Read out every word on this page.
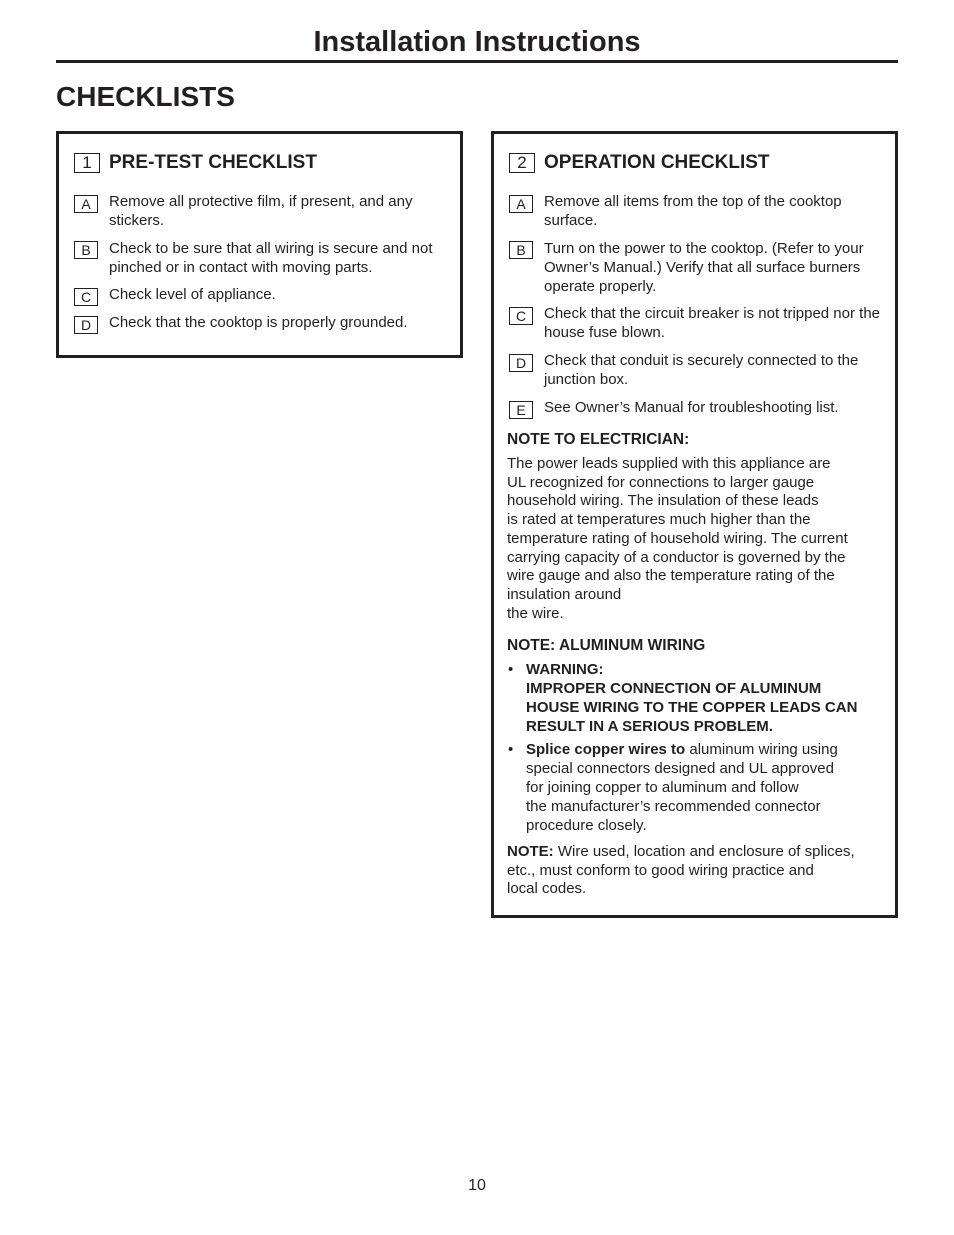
Installation Instructions
CHECKLISTS
1 PRE-TEST CHECKLIST
A	Remove all protective film, if present, and any stickers.
B	Check to be sure that all wiring is secure and not pinched or in contact with moving parts.
C	Check level of appliance.
D	Check that the cooktop is properly grounded.
2 OPERATION CHECKLIST
A	Remove all items from the top of the cooktop surface.
B	Turn on the power to the cooktop. (Refer to your Owner’s Manual.) Verify that all surface burners operate properly.
C	Check that the circuit breaker is not tripped nor the house fuse blown.
D	Check that conduit is securely connected to the junction box.
E	See Owner’s Manual for troubleshooting list.
NOTE TO ELECTRICIAN:
The power leads supplied with this appliance are
UL recognized for connections to larger gauge
household wiring. The insulation of these leads
is rated at temperatures much higher than the
temperature rating of household wiring. The current
carrying capacity of a conductor is governed by the
wire gauge and also the temperature rating of the
insulation around
the wire.
NOTE: ALUMINUM WIRING
• WARNING:
IMPROPER CONNECTION OF ALUMINUM
HOUSE WIRING TO THE COPPER LEADS CAN
RESULT IN A SERIOUS PROBLEM.
• Splice copper wires to aluminum wiring using
special connectors designed and UL approved
for joining copper to aluminum and follow
the manufacturer’s recommended connector
procedure closely.
NOTE: Wire used, location and enclosure of splices,
etc., must conform to good wiring practice and
local codes.
10
